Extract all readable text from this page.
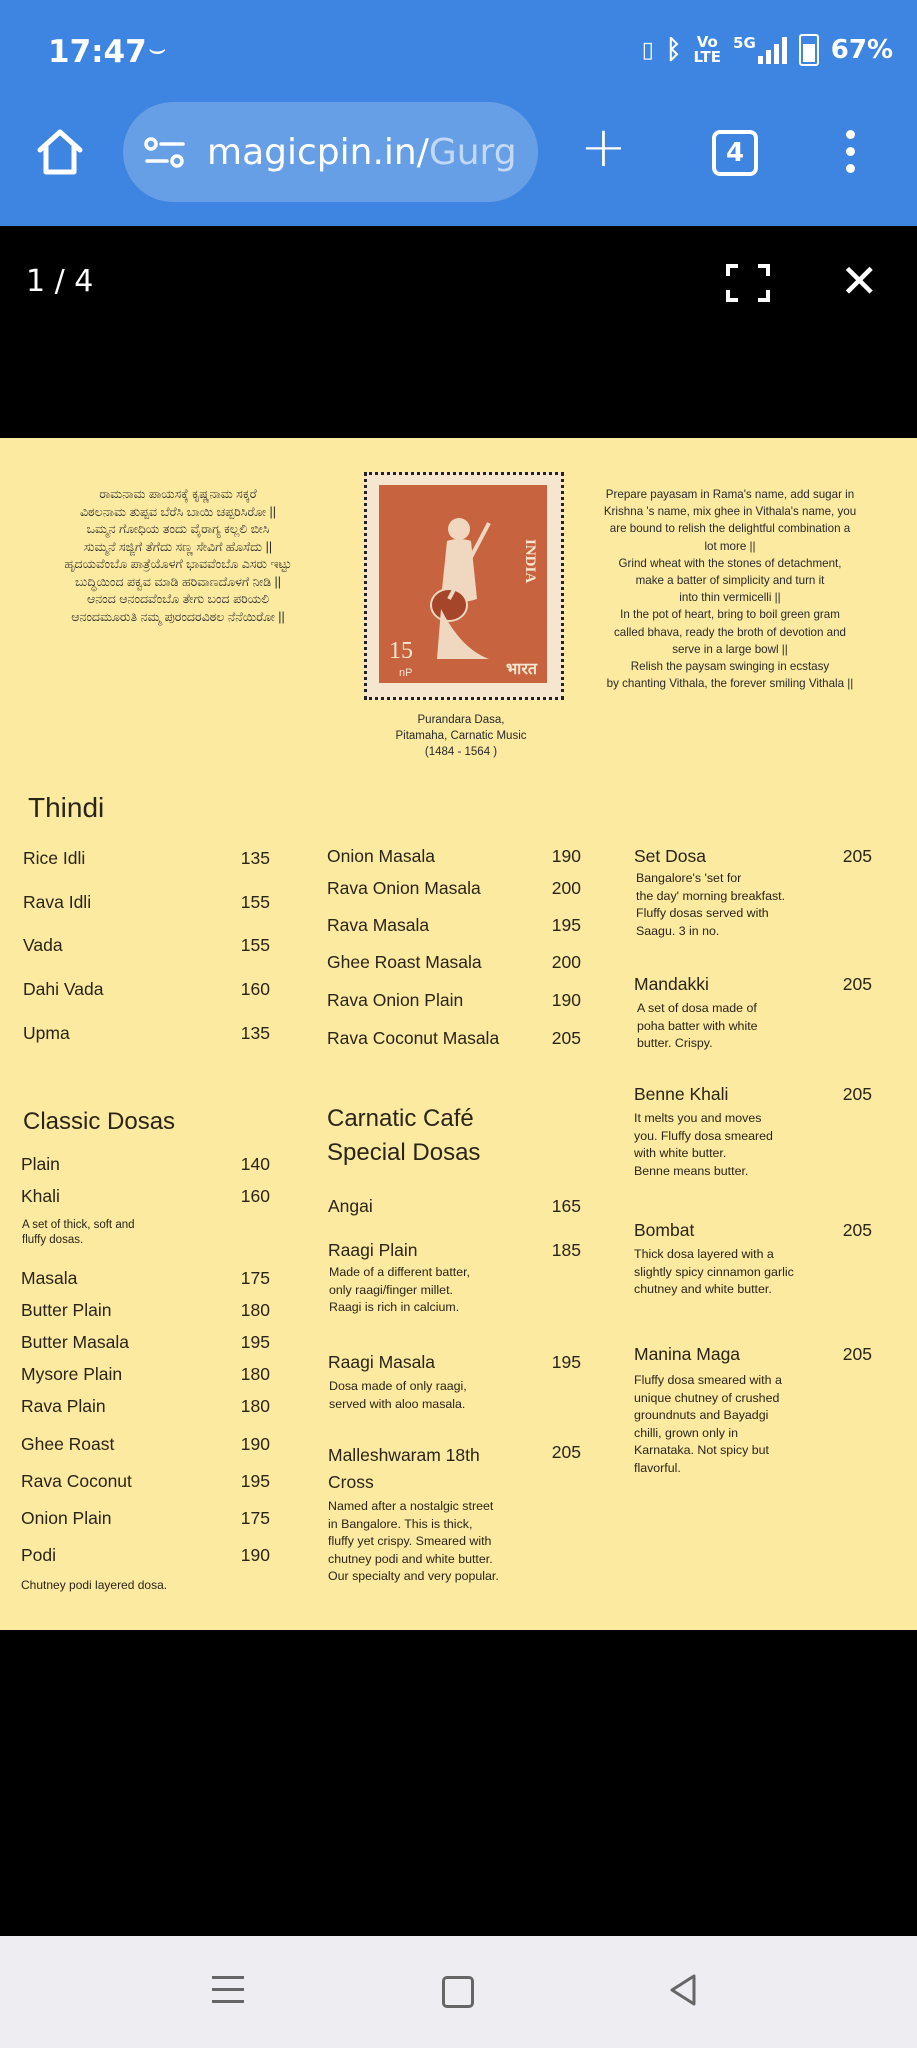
17:47 ⌣	▯ ᛒ Vo
LTE
5G	67%
magicpin.in/Gurg +	4
1 / 4	✕
ರಾಮನಾಮ ಪಾಯಸಕ್ಕೆ ಕೃಷ್ಣನಾಮ ಸಕ್ಕರೆ
ವಿಠಲನಾಮ ತುಪ್ಪವ ಬೆರೆಸಿ ಬಾಯಿ ಚಪ್ಪರಿಸಿರೋ ||
ಒಮ್ಮನ ಗೋಧಿಯ ತಂದು ವೈರಾಗ್ಯ ಕಲ್ಲಲಿ ಬೀಸಿ
ಸುಮ್ಮನೆ ಸಜ್ಜಿಗೆ ತೆಗೆದು ಸಣ್ಣ ಸೇವಿಗೆ ಹೊಸೆದು ||
ಹೃದಯವೆಂಬೊ ಪಾತ್ರೆಯೊಳಗೆ ಭಾವವೆಂಬೊ ಎಸರು ಇಟ್ಟು
ಬುದ್ಧಿಯಿಂದ ಪಕ್ವವ ಮಾಡಿ ಹರಿವಾಣದೊಳಗೆ ನೀಡಿ ||
ಆನಂದ ಆನಂದವೆಂಬೊ ತೇಗು ಬಂದ ಪರಿಯಲಿ
ಆನಂದಮೂರುತಿ ನಮ್ಮ ಪುರಂದರವಿಠಲ ನೆನೆಯಿರೋ ||
INDIA
15
nP	भारत
Purandara Dasa,
Pitamaha, Carnatic Music
(1484 - 1564 )
Prepare payasam in Rama's name, add sugar in
Krishna 's name, mix ghee in Vithala's name, you
are bound to relish the delightful combination a
lot more ||
Grind wheat with the stones of detachment,
make a batter of simplicity and turn it
into thin vermicelli ||
In the pot of heart, bring to boil green gram
called bhava, ready the broth of devotion and
serve in a large bowl ||
Relish the paysam swinging in ecstasy
by chanting Vithala, the forever smiling Vithala ||
Thindi
Rice Idli	135
Rava Idli	155
Vada	155
Dahi Vada	160
Upma	135
Classic Dosas
Plain	140
Khali	160
A set of thick, soft and
fluffy dosas.
Masala	175
Butter Plain	180
Butter Masala	195
Mysore Plain	180
Rava Plain	180
Ghee Roast	190
Rava Coconut	195
Onion Plain	175
Podi	190
Chutney podi layered dosa.
Onion Masala	190
Rava Onion Masala	200
Rava Masala	195
Ghee Roast Masala	200
Rava Onion Plain	190
Rava Coconut Masala	205
Carnatic Café
Special Dosas
Angai	165
Raagi Plain	185
Made of a different batter,
only raagi/finger millet.
Raagi is rich in calcium.
Raagi Masala	195
Dosa made of only raagi,
served with aloo masala.
Malleshwaram 18th
Cross
205
Named after a nostalgic street
in Bangalore. This is thick,
fluffy yet crispy. Smeared with
chutney podi and white butter.
Our specialty and very popular.
Set Dosa	205
Bangalore's 'set for
the day' morning breakfast.
Fluffy dosas served with
Saagu. 3 in no.
Mandakki	205
A set of dosa made of
poha batter with white
butter. Crispy.
Benne Khali	205
It melts you and moves
you. Fluffy dosa smeared
with white butter.
Benne means butter.
Bombat	205
Thick dosa layered with a
slightly spicy cinnamon garlic
chutney and white butter.
Manina Maga	205
Fluffy dosa smeared with a
unique chutney of crushed
groundnuts and Bayadgi
chilli, grown only in
Karnataka. Not spicy but
flavorful.
